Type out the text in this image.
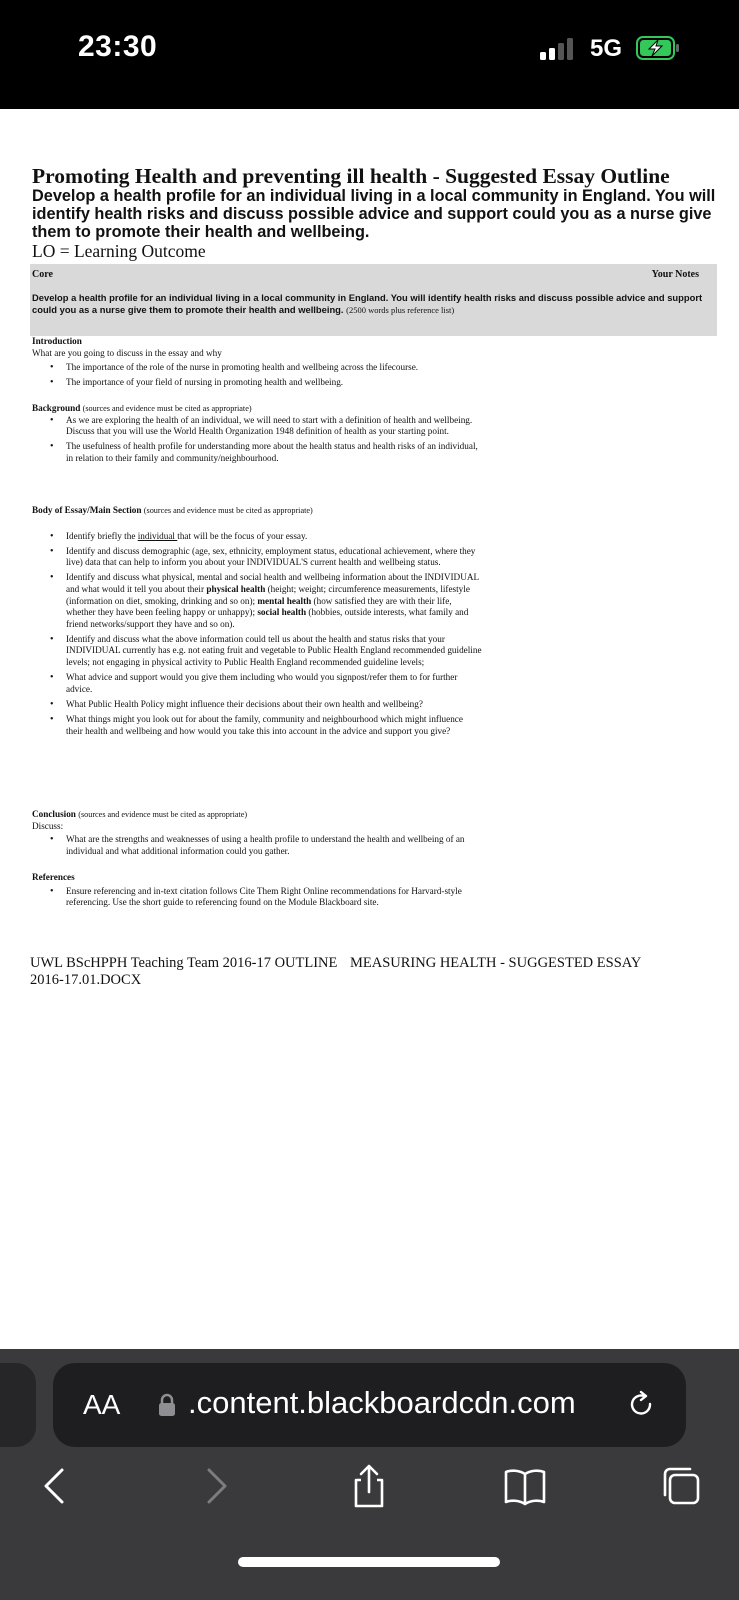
23:30	5G
Promoting Health and preventing ill health - Suggested Essay Outline
Develop a health profile for an individual living in a local community in England. You will identify health risks and discuss possible advice and support could you as a nurse give them to promote their health and wellbeing.
LO = Learning Outcome
Core	Your Notes
Develop a health profile for an individual living in a local community in England. You will identify health risks and discuss possible advice and support could you as a nurse give them to promote their health and wellbeing. (2500 words plus reference list)

Introduction

What are you going to discuss in the essay and why

• The importance of the role of the nurse in promoting health and wellbeing across the lifecourse.
• The importance of your field of nursing in promoting health and wellbeing.

Background (sources and evidence must be cited as appropriate)

• As we are exploring the health of an individual, we will need to start with a definition of health and wellbeing. Discuss that you will use the World Health Organization 1948 definition of health as your starting point.
• The usefulness of health profile for understanding more about the health status and health risks of an individual, in relation to their family and community/neighbourhood.

Body of Essay/Main Section (sources and evidence must be cited as appropriate)

• Identify briefly the individual that will be the focus of your essay.
• Identify and discuss demographic (age, sex, ethnicity, employment status, educational achievement, where they live) data that can help to inform you about your INDIVIDUAL'S current health and wellbeing status.
• Identify and discuss what physical, mental and social health and wellbeing information about the INDIVIDUAL and what would it tell you about their physical health (height; weight; circumference measurements, lifestyle (information on diet, smoking, drinking and so on); mental health (how satisfied they are with their life, whether they have been feeling happy or unhappy); social health (hobbies, outside interests, what family and friend networks/support they have and so on).
• Identify and discuss what the above information could tell us about the health and status risks that your INDIVIDUAL currently has e.g. not eating fruit and vegetable to Public Health England recommended guideline levels; not engaging in physical activity to Public Health England recommended guideline levels;
• What advice and support would you give them including who would you signpost/refer them to for further advice.
• What Public Health Policy might influence their decisions about their own health and wellbeing?
• What things might you look out for about the family, community and neighbourhood which might influence their health and wellbeing and how would you take this into account in the advice and support you give?

Conclusion (sources and evidence must be cited as appropriate)

Discuss:

• What are the strengths and weaknesses of using a health profile to understand the health and wellbeing of an individual and what additional information could you gather.

References

• Ensure referencing and in-text citation follows Cite Them Right Online recommendations for Harvard-style referencing. Use the short guide to referencing found on the Module Blackboard site.
UWL BScHPPH Teaching Team 2016-17 OUTLINE 2016-17.01.DOCX
MEASURING HEALTH - SUGGESTED ESSAY
AA .content.blackboardcdn.com
